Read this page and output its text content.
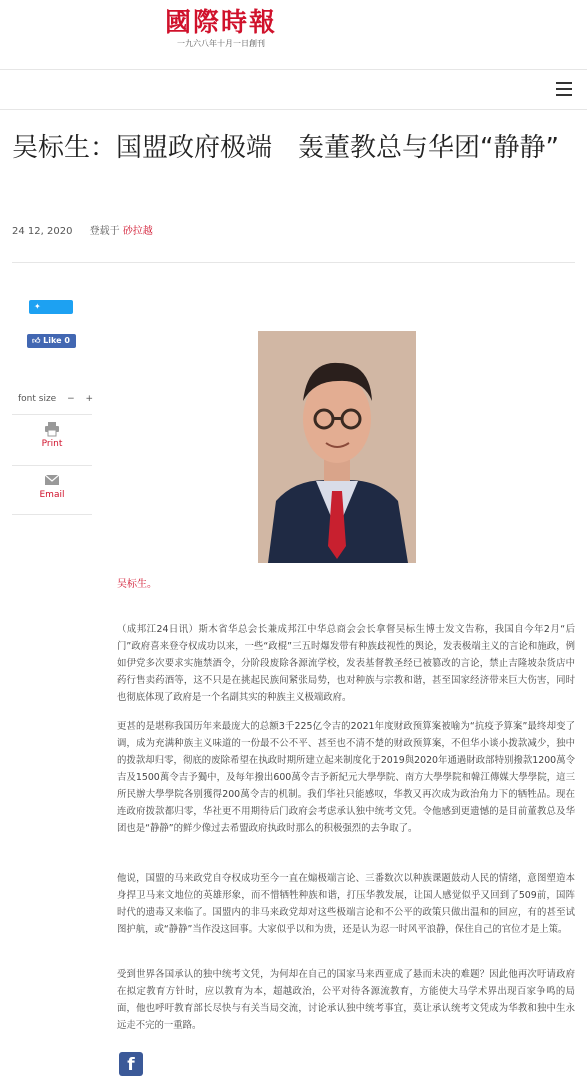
國際時報
一九六八年十月一日創刊
吴标生：国盟政府极端　轰董教总与华团“静静”
24 12, 2020 登载于 砂拉越
✦ Tweet
👍︎ Like 0
font size − +
Print
Email
吴标生。

（成邦江24日讯）斯木省华总会长兼成邦江中华总商会会长拿督吴标生博士发文告称，我国自今年2月“后门”政府喜来登夺权成功以来，一些“政棍”三五时爆发带有种族歧视性的舆论，发表极端主义的言论和施政，例如伊党多次要求实施禁酒令，分阶段废除各源流学校，发表基督教圣经已被篡改的言论，禁止吉隆坡杂货店中药行售卖药酒等，这不只是在挑起民族间紧张局势，也对种族与宗教和谐，甚至国家经济带来巨大伤害，同时也彻底体现了政府是一个名副其实的种族主义极端政府。

更甚的是堪称我国历年来最庞大的总额3千225亿令吉的2021年度财政预算案被喻为“抗疫予算案”最终却变了调，成为充满种族主义味道的一份最不公不平、甚至也不清不楚的财政预算案，不但华小谈小拨款减少，独中的拨款却归零，彻底的废除希望在执政时期所建立起来制度化于2019與2020年通過財政部特别撥款1200萬令吉及1500萬令吉予獨中，及每年撥出600萬令吉予新紀元大學學院、南方大學學院和韓江傳媒大學學院，這三所民辦大學學院各别獲得200萬令吉的机制。我们华社只能感叹，华教又再次成为政治角力下的牺牲品。现在连政府拨款都归零，华社更不用期待后门政府会考虑承认独中统考文凭。令他感到更遗憾的是目前董教总及华团也是“静静”的鲜少像过去希盟政府执政时那么的积极强烈的去争取了。

他说，国盟的马来政党自夺权成功至今一直在煽极端言论、三番数次以种族课题鼓动人民的情绪，意图塑造本身捍卫马来文地位的英雄形象，而不惜牺牲种族和谐，打压华教发展，让国人感觉似乎又回到了509前，国阵时代的遗毒又来临了。国盟内的非马来政党却对这些极端言论和不公平的政策只做出温和的回应，有的甚至试图护航，或“静静”当作没这回事。大家似乎以和为贵，还是认为忍一时风平浪静，保住自己的官位才是上策。

受到世界各国承认的独中统考文凭，为何却在自己的国家马来西亚成了悬而未决的难题？因此他再次吁请政府在拟定教育方针时，应以教育为本，超越政治，公平对待各源流教育，方能使大马学术界出现百家争鸣的局面，他也呼吁教育部长尽快与有关当局交流，讨论承认独中统考事宜，莫让承认统考文凭成为华教和独中生永远走不完的一重路。

f
